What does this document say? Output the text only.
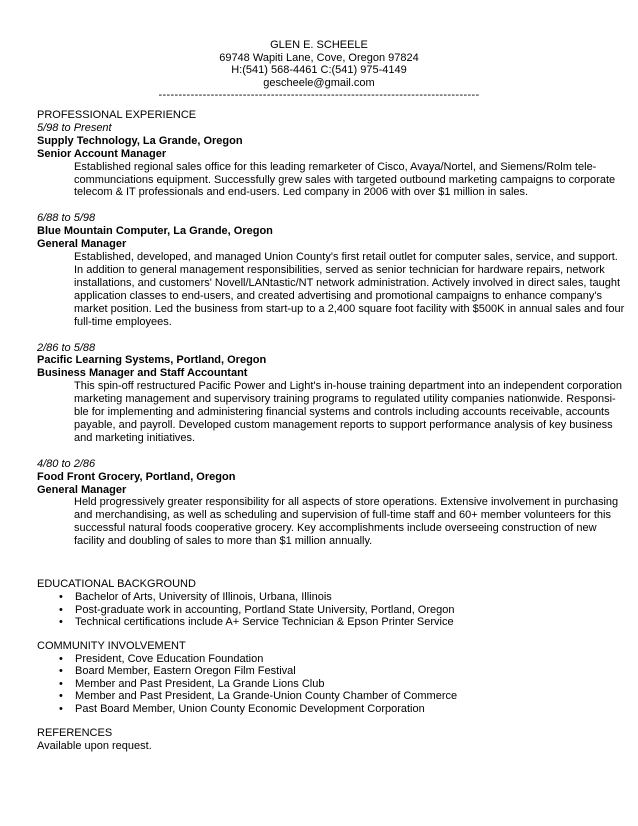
GLEN E. SCHEELE
69748 Wapiti Lane, Cove, Oregon 97824
H:(541) 568-4461 C:(541) 975-4149
gescheele@gmail.com
--------------------------------------------------------------------------------
PROFESSIONAL EXPERIENCE
5/98 to Present
Supply Technology, La Grande, Oregon
Senior Account Manager
Established regional sales office for this leading remarketer of Cisco, Avaya/Nortel, and Siemens/Rolm tele-
communciations equipment. Successfully grew sales with targeted outbound marketing campaigns to corporate
telecom & IT professionals and end-users. Led company in 2006 with over $1 million in sales.
6/88 to 5/98
Blue Mountain Computer, La Grande, Oregon
General Manager
Established, developed, and managed Union County's first retail outlet for computer sales, service, and support.
In addition to general management responsibilities, served as senior technician for hardware repairs, network
installations, and customers' Novell/LANtastic/NT network administration. Actively involved in direct sales, taught
application classes to end-users, and created advertising and promotional campaigns to enhance company's
market position. Led the business from start-up to a 2,400 square foot facility with $500K in annual sales and four
full-time employees.
2/86 to 5/88
Pacific Learning Systems, Portland, Oregon
Business Manager and Staff Accountant
This spin-off restructured Pacific Power and Light's in-house training department into an independent corporation
marketing management and supervisory training programs to regulated utility companies nationwide. Responsi-
ble for implementing and administering financial systems and controls including accounts receivable, accounts
payable, and payroll. Developed custom management reports to support performance analysis of key business
and marketing initiatives.
4/80 to 2/86
Food Front Grocery, Portland, Oregon
General Manager
Held progressively greater responsibility for all aspects of store operations. Extensive involvement in purchasing
and merchandising, as well as scheduling and supervision of full-time staff and 60+ member volunteers for this
successful natural foods cooperative grocery. Key accomplishments include overseeing construction of new
facility and doubling of sales to more than $1 million annually.
EDUCATIONAL BACKGROUND
• Bachelor of Arts, University of Illinois, Urbana, Illinois
• Post-graduate work in accounting, Portland State University, Portland, Oregon
• Technical certifications include A+ Service Technician & Epson Printer Service
COMMUNITY INVOLVEMENT
• President, Cove Education Foundation
• Board Member, Eastern Oregon Film Festival
• Member and Past President, La Grande Lions Club
• Member and Past President, La Grande-Union County Chamber of Commerce
• Past Board Member, Union County Economic Development Corporation
REFERENCES
Available upon request.
